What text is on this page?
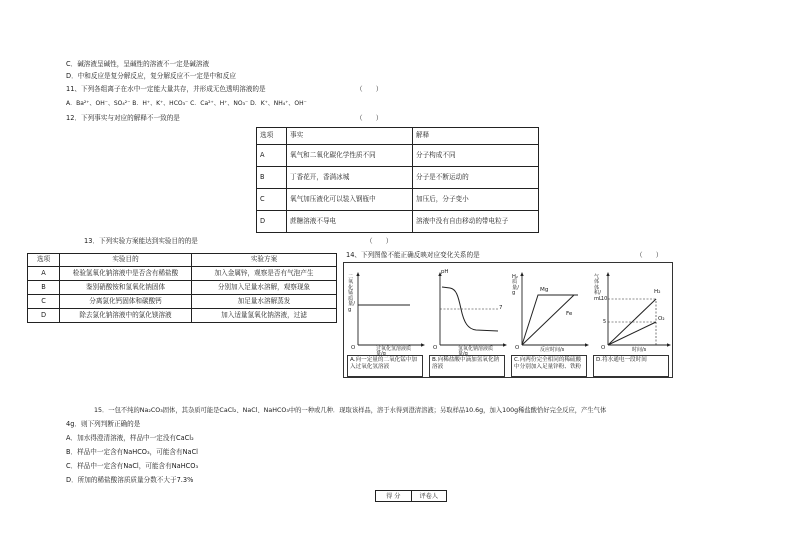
C．碱溶液呈碱性，呈碱性的溶液不一定是碱溶液
D．中和反应是复分解反应，复分解反应不一定是中和反应
11、下列各组离子在水中一定能大量共存，并形成无色透明溶液的是	（　　）
A．Ba²⁺、OH⁻、SO₄²⁻ B．H⁺、K⁺、HCO₃⁻ C．Ca²⁺、H⁺、NO₃⁻ D．K⁺、NH₄⁺、OH⁻
12．下列事实与对应的解释不一致的是	（　　）
选项	事实	解释
A	氧气和二氧化碳化学性质不同	分子构成不同
B	丁香花开，香满冰城	分子是不断运动的
C	氧气加压液化可以装入钢瓶中	加压后，分子变小
D	蔗糖溶液不导电	溶液中没有自由移动的带电粒子
13．下列实验方案能达到实验目的的是	（　　）
选项	实验目的	实验方案
A	检验氢氧化钠溶液中是否含有稀盐酸	加入金属锌，观察是否有气泡产生
B	鉴别硝酸铵和氢氧化钠固体	分别加入足量水溶解，观察现象
C	分离氯化钙固体和碳酸钙	加足量水溶解蒸发
D	除去氯化钠溶液中的氯化镁溶液	加入适量氢氧化钠溶液，过滤
14、下列图像不能正确反映对应变化关系的是	（　　）
二氧化锰质量/g
O	过氧化氢溶液质量/g
A.向一定量的二氧化锰中加入过氧化氢溶液
pH
7
O	氢氧化钠溶液质量/g
B.向稀盐酸中滴加氢氧化钠溶液
H₂质量/g
Mg
Fe
O	反应时间/s
C.向两份完全相同的稀硫酸中分别加入足量锌粉、铁粉
气体体积/mL 10
5
H₂
O₂
O	时间/s
D.将水通电一段时间
15．一包不纯的Na₂CO₃固体，其杂质可能是CaCl₂、NaCl、NaHCO₃中的一种或几种．现取该样品，溶于水得到澄清溶液；另取样品10.6g，加入100g稀盐酸恰好完全反应，产生气体
4g．则下列判断正确的是
A．加水得澄清溶液，样品中一定没有CaCl₂
B．样品中一定含有NaHCO₃，可能含有NaCl
C．样品中一定含有NaCl，可能含有NaHCO₃
D．所加的稀盐酸溶质质量分数不大于7.3%
得 分	评卷人
